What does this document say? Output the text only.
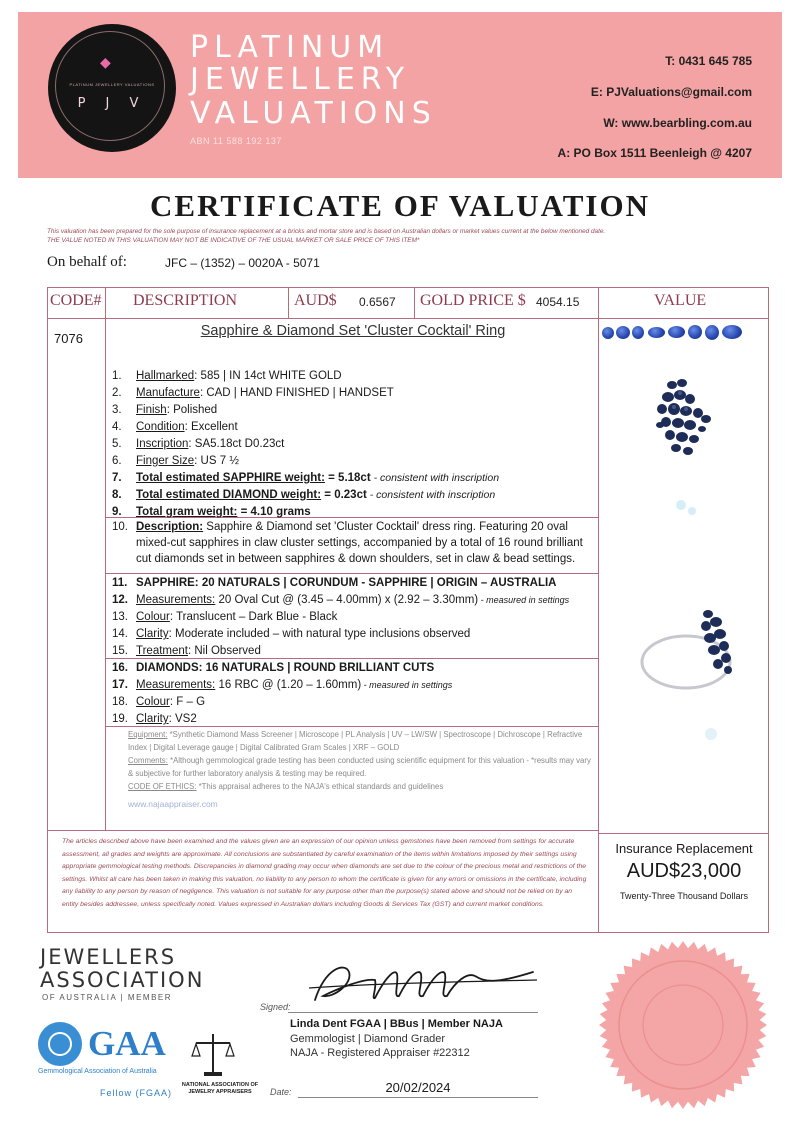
◆
PLATINUM JEWELLERY VALUATIONS
P J V
PLATINUM
JEWELLERY
VALUATIONS
ABN 11 588 192 137
T: 0431 645 785
E: PJValuations@gmail.com
W: www.bearbling.com.au
A: PO Box 1511 Beenleigh @ 4207
CERTIFICATE OF VALUATION
This valuation has been prepared for the sole purpose of insurance replacement at a bricks and mortar store and is based on Australian dollars or market values current at the below mentioned date.
THE VALUE NOTED IN THIS VALUATION MAY NOT BE INDICATIVE OF THE USUAL MARKET OR SALE PRICE OF THIS ITEM*
On behalf of:	JFC – (1352) – 0020A - 5071
CODE# DESCRIPTION	AUD$ 0.6567 GOLD PRICE $ 4054.15	VALUE
7076	Sapphire & Diamond Set 'Cluster Cocktail' Ring
1. Hallmarked: 585 | IN 14ct WHITE GOLD
2. Manufacture: CAD | HAND FINISHED | HANDSET
3. Finish: Polished
4. Condition: Excellent
5. Inscription: SA5.18ct D0.23ct
6. Finger Size: US 7 ½
7. Total estimated SAPPHIRE weight: = 5.18ct - consistent with inscription
8. Total estimated DIAMOND weight: = 0.23ct - consistent with inscription
9. Total gram weight: = 4.10 grams
10. Description: Sapphire & Diamond set 'Cluster Cocktail' dress ring. Featuring 20 oval mixed-cut sapphires in claw cluster settings, accompanied by a total of 16 round brilliant cut diamonds set in between sapphires & down shoulders, set in claw & bead settings.
11. SAPPHIRE: 20 NATURALS | CORUNDUM - SAPPHIRE | ORIGIN – AUSTRALIA
12. Measurements: 20 Oval Cut @ (3.45 – 4.00mm) x (2.92 – 3.30mm) - measured in settings
13. Colour: Translucent – Dark Blue - Black
14. Clarity: Moderate included – with natural type inclusions observed
15. Treatment: Nil Observed
16. DIAMONDS: 16 NATURALS | ROUND BRILLIANT CUTS
17. Measurements: 16 RBC @ (1.20 – 1.60mm) - measured in settings
18. Colour: F – G
19. Clarity: VS2
Equipment: *Synthetic Diamond Mass Screener | Microscope | PL Analysis | UV – LW/SW | Spectroscope | Dichroscope | Refractive Index | Digital Leverage gauge | Digital Calibrated Gram Scales | XRF – GOLD
Comments: *Although gemmological grade testing has been conducted using scientific equipment for this valuation - *results may vary & subjective for further laboratory analysis & testing may be required.
CODE OF ETHICS: *This appraisal adheres to the NAJA's ethical standards and guidelines
www.najaappraiser.com
The articles described above have been examined and the values given are an expression of our opinion unless gemstones have been removed from settings for accurate assessment, all grades and weights are approximate. All conclusions are substantiated by careful examination of the items within limitations imposed by their settings using appropriate gemmological testing methods. Discrepancies in diamond grading may occur when diamonds are set due to the colour of the precious metal and restrictions of the settings. Whilst all care has been taken in making this valuation, no liability to any person to whom the certificate is given for any errors or omissions in the certificate, including any liability to any person by reason of negligence. This valuation is not suitable for any purpose other than the purpose(s) stated above and should not be relied on by an entity besides addressee, unless specifically noted. Values expressed in Australian dollars including Goods & Services Tax (GST) and current market conditions.
Insurance Replacement
AUD$23,000
Twenty-Three Thousand Dollars
JEWELLERS
ASSOCIATION
OF AUSTRALIA | MEMBER
GAA
Gemmological Association of Australia
Fellow (FGAA)
NATIONAL ASSOCIATION OF JEWELRY APPRAISERS
Signed:
Linda Dent FGAA | BBus | Member NAJA
Gemmologist | Diamond Grader
NAJA - Registered Appraiser #22312
Date:	20/02/2024
